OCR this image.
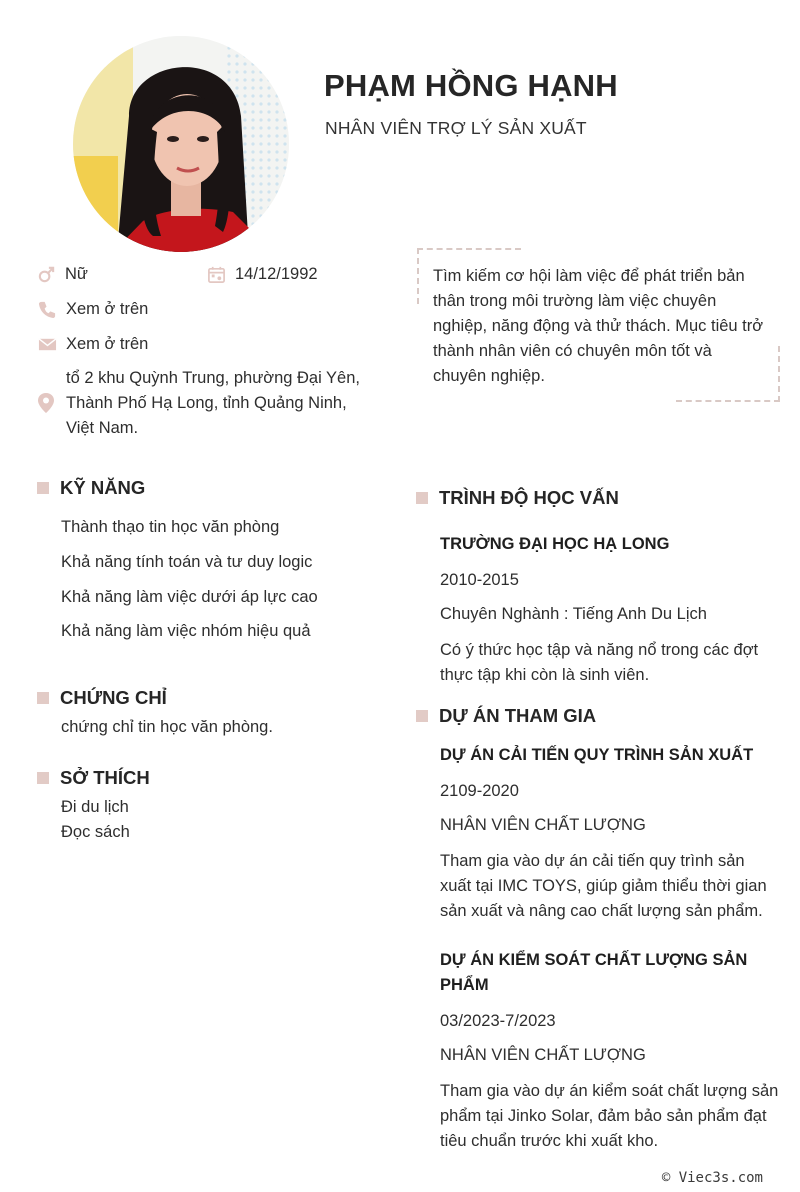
PHẠM HỒNG HẠNH
NHÂN VIÊN TRỢ LÝ SẢN XUẤT
Nữ	14/12/1992
Xem ở trên
Xem ở trên
tổ 2 khu Quỳnh Trung, phường Đại Yên, Thành Phố Hạ Long, tỉnh Quảng Ninh, Việt Nam.
Tìm kiếm cơ hội làm việc để phát triển bản thân trong môi trường làm việc chuyên nghiệp, năng động và thử thách. Mục tiêu trở thành nhân viên có chuyên môn tốt và chuyên nghiệp.
KỸ NĂNG
Thành thạo tin học văn phòng
Khả năng tính toán và tư duy logic
Khả năng làm việc dưới áp lực cao
Khả năng làm việc nhóm hiệu quả
CHỨNG CHỈ
chứng chỉ tin học văn phòng.
SỞ THÍCH
Đi du lịch
Đọc sách
TRÌNH ĐỘ HỌC VẤN
TRƯỜNG ĐẠI HỌC HẠ LONG
2010-2015
Chuyên Nghành : Tiếng Anh Du Lịch
Có ý thức học tập và năng nổ trong các đợt thực tập khi còn là sinh viên.
DỰ ÁN THAM GIA
DỰ ÁN CẢI TIẾN QUY TRÌNH SẢN XUẤT
2109-2020
NHÂN VIÊN CHẤT LƯỢNG
Tham gia vào dự án cải tiến quy trình sản xuất tại IMC TOYS, giúp giảm thiểu thời gian sản xuất và nâng cao chất lượng sản phẩm.
DỰ ÁN KIỂM SOÁT CHẤT LƯỢNG SẢN PHẨM
03/2023-7/2023
NHÂN VIÊN CHẤT LƯỢNG
Tham gia vào dự án kiểm soát chất lượng sản phẩm tại Jinko Solar, đảm bảo sản phẩm đạt tiêu chuẩn trước khi xuất kho.
© Viec3s.com
